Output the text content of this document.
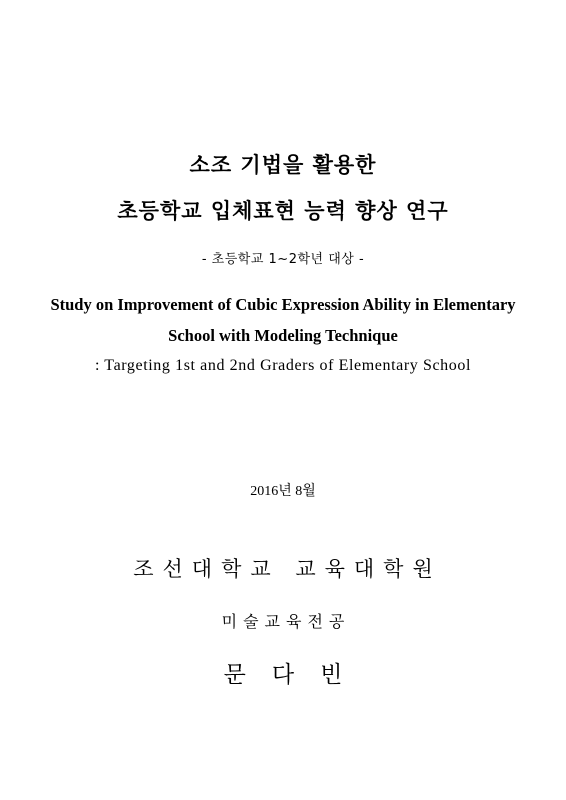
소조 기법을 활용한
초등학교 입체표현 능력 향상 연구

- 초등학교 1~2학년 대상 -

Study on Improvement of Cubic Expression Ability in Elementary
School with Modeling Technique

: Targeting 1st and 2nd Graders of Elementary School

2016년 8월

조선대학교 교육대학원

미술교육전공

문다빈
